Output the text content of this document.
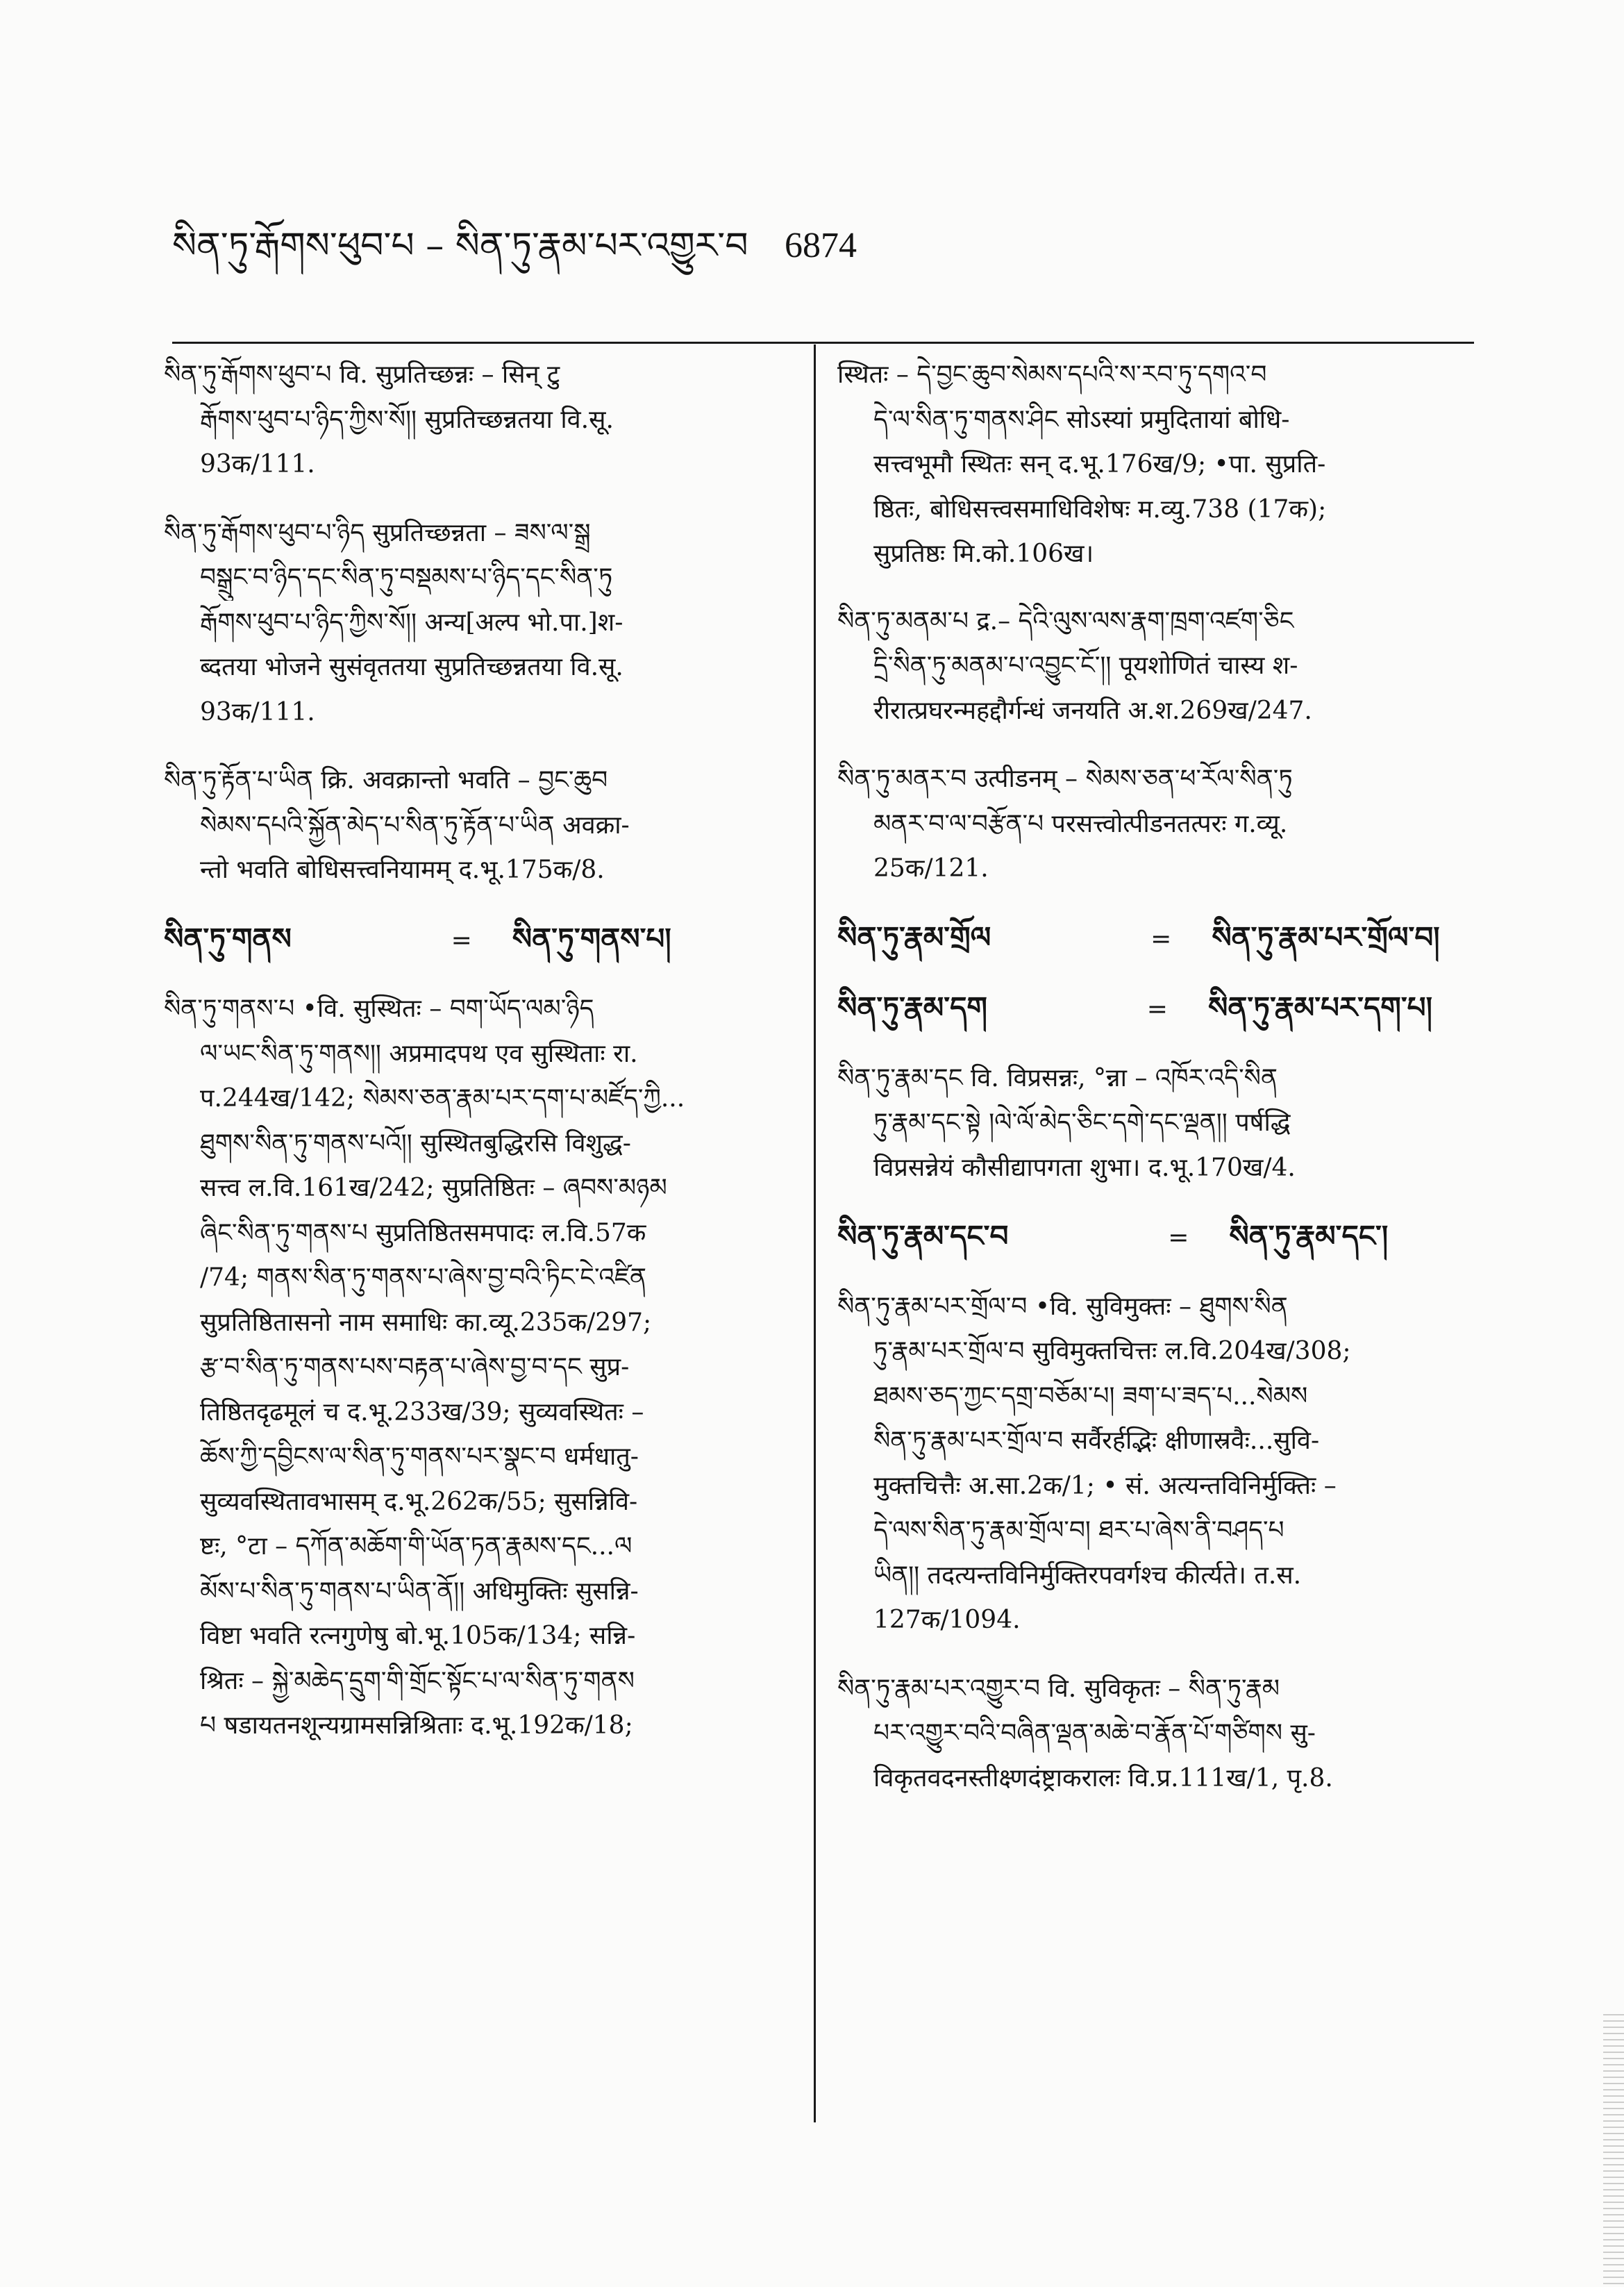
སིན་ཏུ་རྒོགས་ཕུབ་པ – སིན་ཏུ་རྣམ་པར་འགྱུར་བ 6874
སིན་ཏུ་རྒོགས་ཕུབ་པ वि. सुप्रतिच्छन्नः – सिन्‌ टु
རྒོགས་ཕུབ་པ་ཉིད་ཀྱིས་སོ།། सुप्रतिच्छन्नतया वि.सू.
93क/111.
སིན་ཏུ་རྒོགས་ཕུབ་པ་ཉིད सुप्रतिच्छन्नता – ཟས་ལ་སྒྲ
བསྒྲུང་བ་ཉིད་དང་སིན་ཏུ་བསྡམས་པ་ཉིད་དང་སིན་ཏུ
རྒོགས་ཕུབ་པ་ཉིད་ཀྱིས་སོ།། अन्य[अल्प भो.पा.]श-
ब्दतया भोजने सुसंवृततया सुप्रतिच्छन्नतया वि.सू.
93क/111.
སིན་ཏུ་རྟོན་པ་ཡིན क्रि. अवक्रान्तो भवति – བྱང་ཆུབ
སེམས་དཔའི་སྐྱོན་མེད་པ་སིན་ཏུ་རྟོན་པ་ཡིན अवक्रा-
न्तो भवति बोधिसत्त्वनियामम् द.भू.175क/8.
སིན་ཏུ་གནས	= སིན་ཏུ་གནས་པ།
སིན་ཏུ་གནས་པ •वि. सुस्थितः – བག་ཡོད་ལམ་ཉིད
ལ་ཡང་སིན་ཏུ་གནས།། अप्रमादपथ एव सुस्थिताः रा.
प.244ख/142; སེམས་ཅན་རྣམ་པར་དག་པ་མཛོད་ཀྱི...
ཐུགས་སིན་ཏུ་གནས་པའོ།། सुस्थितबुद्धिरसि विशुद्ध-
सत्त्व ल.वि.161ख/242; सुप्रतिष्ठितः – ཞབས་མཉམ
ཞིང་སིན་ཏུ་གནས་པ सुप्रतिष्ठितसमपादः ल.वि.57क
/74; གནས་སིན་ཏུ་གནས་པ་ཞེས་བྱ་བའི་ཏིང་ངེ་འཛིན
सुप्रतिष्ठितासनो नाम समाधिः का.व्यू.235क/297;
རྩ་བ་སིན་ཏུ་གནས་པས་བརྟན་པ་ཞེས་བྱ་བ་དང सुप्र-
तिष्ठितदृढमूलं च द.भू.233ख/39; सुव्यवस्थितः –
ཆོས་ཀྱི་དབྱིངས་ལ་སིན་ཏུ་གནས་པར་སྣང་བ धर्मधातु-
सुव्यवस्थितावभासम् द.भू.262क/55; सुसन्निवि-
ष्टः, °टा – དཀོན་མཆོག་གི་ཡོན་ཏན་རྣམས་དང...ལ
མོས་པ་སིན་ཏུ་གནས་པ་ཡིན་ནོ།། अधिमुक्तिः सुसन्नि-
विष्टा भवति रत्नगुणेषु बो.भू.105क/134; सन्नि-
श्रितः – སྐྱེ་མཆེད་དྲུག་གི་གྲོང་སྟོང་པ་ལ་སིན་ཏུ་གནས
པ षडायतनशून्यग्रामसन्निश्रिताः द.भू.192क/18;
स्थितः – དེ་བྱང་ཆུབ་སེམས་དཔའི་ས་རབ་ཏུ་དགའ་བ
དེ་ལ་སིན་ཏུ་གནས་ཤིང सोऽस्यां प्रमुदितायां बोधि-
सत्त्वभूमौ स्थितः सन् द.भू.176ख/9; •पा. सुप्रति-
ष्ठितः, बोधिसत्त्वसमाधिविशेषः म.व्यु.738 (17क);
सुप्रतिष्ठः मि.को.106ख।
སིན་ཏུ་མནམ་པ द्र.– དེའི་ལུས་ལས་རྣག་ཁྲག་འཛག་ཅིང
དྲི་སིན་ཏུ་མནམ་པ་འབྱུང་ངོ་།། पूयशोणितं चास्य श-
रीरात्प्रघरन्महद्दौर्गन्धं जनयति अ.श.269ख/247.
སིན་ཏུ་མནར་བ उत्पीडनम् – སེམས་ཅན་ཕ་རོལ་སིན་ཏུ
མནར་བ་ལ་བརྩོན་པ परसत्त्वोत्पीडनतत्परः ग.व्यू.
25क/121.
སིན་ཏུ་རྣམ་གྲོལ	= སིན་ཏུ་རྣམ་པར་གྲོལ་བ།
སིན་ཏུ་རྣམ་དག	= སིན་ཏུ་རྣམ་པར་དག་པ།
སིན་ཏུ་རྣམ་དང वि. विप्रसन्नः, °न्ना – འཁོར་འདི་སིན
ཏུ་རྣམ་དང་སྟེ །ལེ་ལོ་མེད་ཅིང་དགེ་དང་ལྡན།། पर्षद्धि
विप्रसन्नेयं कौसीद्यापगता शुभा। द.भू.170ख/4.
སིན་ཏུ་རྣམ་དང་བ	= སིན་ཏུ་རྣམ་དང་།
སིན་ཏུ་རྣམ་པར་གྲོལ་བ •वि. सुविमुक्तः – ཐུགས་སིན
ཏུ་རྣམ་པར་གྲོལ་བ सुविमुक्तचित्तः ल.वि.204ख/308;
ཐམས་ཅད་ཀྱང་དགྲ་བཅོམ་པ། ཟག་པ་ཟད་པ...སེམས
སིན་ཏུ་རྣམ་པར་གྲོལ་བ सर्वैरर्हद्भिः क्षीणास्रवैः...सुवि-
मुक्तचित्तैः अ.सा.2क/1; • सं. अत्यन्तविनिर्मुक्तिः –
དེ་ལས་སིན་ཏུ་རྣམ་གྲོལ་བ། ཐར་པ་ཞེས་ནི་བཤད་པ
ཡིན།། तदत्यन्तविनिर्मुक्तिरपवर्गश्च कीर्त्यते। त.स.
127क/1094.
སིན་ཏུ་རྣམ་པར་འགྱུར་བ वि. सुविकृतः – སིན་ཏུ་རྣམ
པར་འགྱུར་བའི་བཞིན་ལྡན་མཆེ་བ་རྣོན་པོ་གཙིགས सु-
विकृतवदनस्तीक्ष्णदंष्ट्राकरालः वि.प्र.111ख/1, पृ.8.
